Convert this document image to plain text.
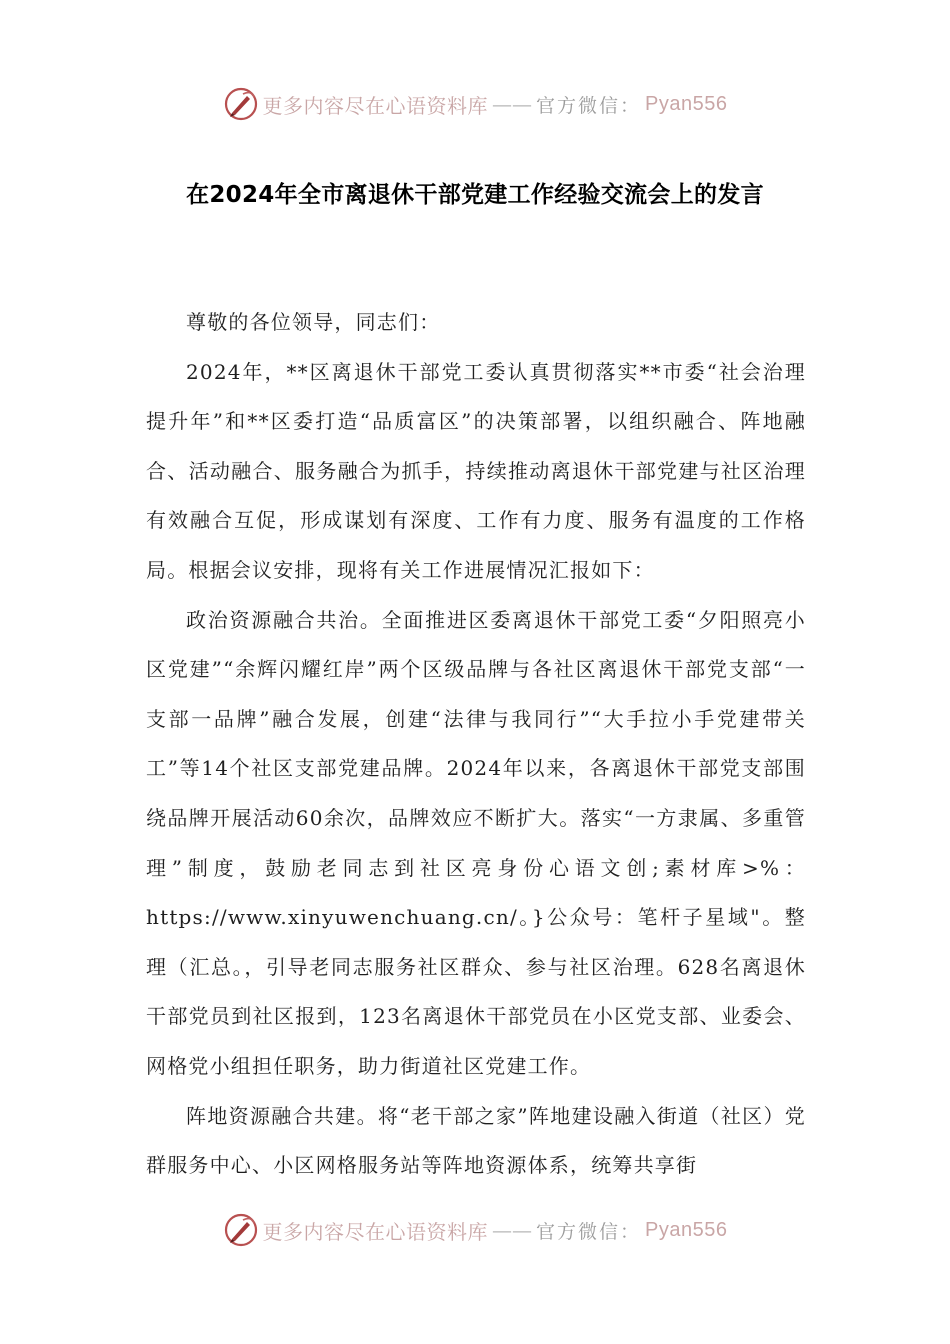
更多内容尽在心语资料库 —— 官方微信： Pyan556
在2024年全市离退休干部党建工作经验交流会上的发言

尊敬的各位领导，同志们：

2024年，**区离退休干部党工委认真贯彻落实**市委“社会治理提升年”和**区委打造“品质富区”的决策部署，以组织融合、阵地融合、活动融合、服务融合为抓手，持续推动离退休干部党建与社区治理有效融合互促，形成谋划有深度、工作有力度、服务有温度的工作格局。根据会议安排，现将有关工作进展情况汇报如下：

政治资源融合共治。全面推进区委离退休干部党工委“夕阳照亮小区党建”“余辉闪耀红岸”两个区级品牌与各社区离退休干部党支部“一支部一品牌”融合发展，创建“法律与我同行”“大手拉小手党建带关工”等14个社区支部党建品牌。2024年以来，各离退休干部党支部围绕品牌开展活动60余次，品牌效应不断扩大。落实“一方隶属、多重管理”制度，鼓励老同志到社区亮身份心语文创;素材库>%：https://www.xinyuwenchuang.cn/。}公众号：笔杆子星域"。整理（汇总。，引导老同志服务社区群众、参与社区治理。628名离退休干部党员到社区报到，123名离退休干部党员在小区党支部、业委会、网格党小组担任职务，助力街道社区党建工作。

阵地资源融合共建。将“老干部之家”阵地建设融入街道（社区）党群服务中心、小区网格服务站等阵地资源体系，统筹共享街

更多内容尽在心语资料库 —— 官方微信： Pyan556
